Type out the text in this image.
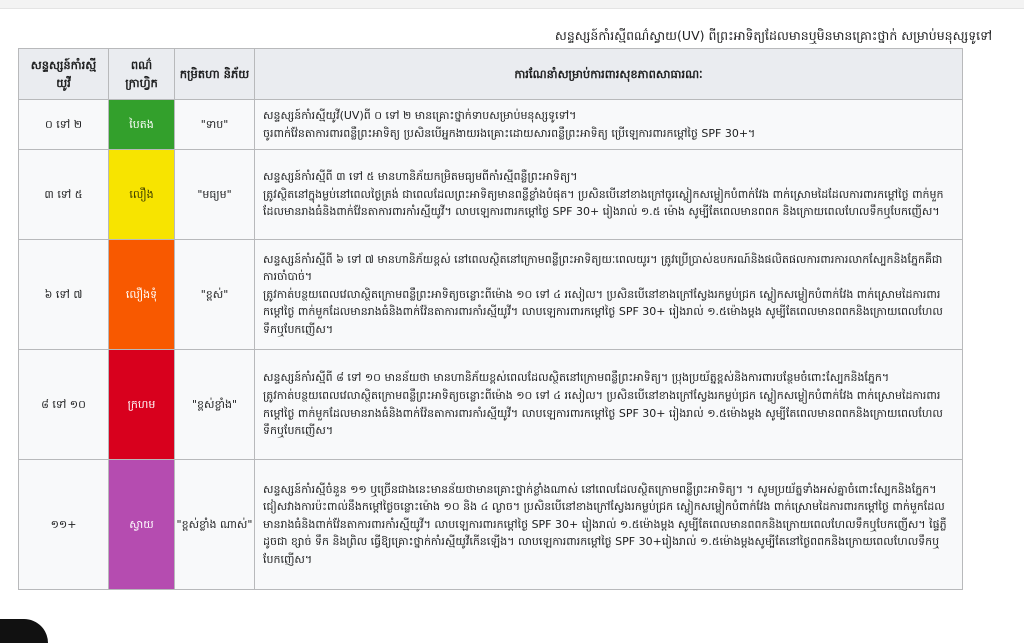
សន្ទស្សន៍កាំរស្មីពណ៌ស្វាយ(UV) ពីព្រះអាទិត្យដែលមានឬមិនមានគ្រោះថ្នាក់ សម្រាប់មនុស្សទូទៅ
សន្ទស្សន៍កាំរស្មី យូវី	ពណ៌ ក្រាហ្វិក	កម្រិតហា និភ័យ	ការណែនាំសម្រាប់ការពារសុខភាពសាធារណៈ
០ ទៅ ២	បៃតង	"ទាប"	សន្ទស្សន៍កាំរស្មីយូវី(UV)ពី ០ ទៅ ២ មានគ្រោះថ្នាក់ទាបសម្រាប់មនុស្សទូទៅ។
ចូរពាក់វ៉ែនតាការពារពន្លឺព្រះអាទិត្យ ប្រសិនបើអ្នកងាយរងគ្រោះដោយសារពន្លឺព្រះអាទិត្យ ប្រើឡេការពារកម្ដៅថ្ងៃ SPF 30+។

៣ ទៅ ៥	លឿង	"មធ្យម"	សន្ទស្សន៍កាំរស្មីពី ៣ ទៅ ៥ មានហានិភ័យកម្រិតមធ្យមពីកាំរស្មីពន្លឺព្រះអាទិត្យ។
ត្រូវស្ថិតនៅក្នុងម្លប់នៅពេលថ្ងៃត្រង់ ជាពេលដែលព្រះអាទិត្យមានពន្លឺខ្លាំងបំផុត។ ប្រសិនបើនៅខាងក្រៅចូរស្លៀកសម្លៀកបំពាក់វែង ពាក់ស្រោមដៃដែលការពារកម្ដៅថ្ងៃ ពាក់មួកដែលមានរាងធំនិងពាក់វ៉ែនតាការពារកាំរស្មីយូវី។ លាបឡេការពារកម្ដៅថ្ងៃ SPF 30+ រៀងរាល់ ១.៥ ម៉ោង សូម្បីតែពេលមានពពក និងក្រោយពេលហែលទឹកឬបែកញើស។

៦ ទៅ ៧	លឿងទុំ	"ខ្ពស់"	សន្ទស្សន៍កាំរស្មីពី ៦ ទៅ ៧ មានហានិភ័យខ្ពស់ នៅពេលស្ថិតនៅក្រោមពន្លឺព្រះអាទិត្យយៈពេលយូរ។ ត្រូវប្រើប្រាស់ឧបករណ៍និងផលិតផលការពារការលាកស្បែកនិងភ្នែកគឺជាការចាំបាច់។
ត្រូវកាត់បន្ថយពេលវេលាស្ថិតក្រោមពន្លឺព្រះអាទិត្យចន្លោះពីម៉ោង ១០ ទៅ ៤ រសៀល។ ប្រសិនបើនៅខាងក្រៅស្វែងរកម្លប់ជ្រក ស្លៀកសម្លៀកបំពាក់វែង ពាក់ស្រោមដៃការពារកម្ដៅថ្ងៃ ពាក់មួកដែលមានរាងធំនិងពាក់វ៉ែនតាការពារកាំរស្មីយូវី។ លាបឡេការពារកម្ដៅថ្ងៃ SPF 30+ រៀងរាល់ ១.៥ម៉ោងម្ដង សូម្បីតែពេលមានពពកនិងក្រោយពេលហែលទឹកឬបែកញើស។

៨ ទៅ ១០	ក្រហម	"ខ្ពស់ខ្លាំង"	សន្ទស្សន៍កាំរស្មីពី ៨ ទៅ ១០ មានន័យថា មានហានិភ័យខ្ពស់ពេលដែលស្ថិតនៅក្រោមពន្លឺព្រះអាទិត្យ។ ប្រុងប្រយ័ត្នខ្ពស់និងការពារបន្ថែមចំពោះស្បែកនិងភ្នែក។
ត្រូវកាត់បន្ថយពេលវេលាស្ថិតក្រោមពន្លឺព្រះអាទិត្យចន្លោះពីម៉ោង ១០ ទៅ ៤ រសៀល។ ប្រសិនបើនៅខាងក្រៅស្វែងរកម្លប់ជ្រក ស្លៀកសម្លៀកបំពាក់វែង ពាក់ស្រោមដៃការពារកម្ដៅថ្ងៃ ពាក់មួកដែលមានរាងធំនិងពាក់វ៉ែនតាការពារកាំរស្មីយូវី។ លាបឡេការពារកម្ដៅថ្ងៃ SPF 30+ រៀងរាល់ ១.៥ម៉ោងម្ដង សូម្បីតែពេលមានពពកនិងក្រោយពេលហែលទឹកឬបែកញើស។

១១+	ស្វាយ	"ខ្ពស់ខ្លាំង ណាស់"	សន្ទស្សន៍កាំរស្មីចំនួន ១១ ឬច្រើនជាងនេះមានន័យថាមានគ្រោះថ្នាក់ខ្លាំងណាស់ នៅពេលដែលស្ថិតក្រោមពន្លឺព្រះអាទិត្យ។ ។ សូមប្រយ័ត្នទាំងអស់គ្នាចំពោះស្បែកនិងភ្នែក។
ជៀសវាងការប៉ះពាល់នឹងកម្ដៅថ្ងៃចន្លោះម៉ោង ១០ និង ៤ ល្ងាច។ ប្រសិនបើនៅខាងក្រៅស្វែងរកម្លប់ជ្រក ស្លៀកសម្លៀកបំពាក់វែង ពាក់ស្រោមដៃការពារកម្ដៅថ្ងៃ ពាក់មួកដែលមានរាងធំនិងពាក់វ៉ែនតាការពារកាំរស្មីយូវី។ លាបឡេការពារកម្ដៅថ្ងៃ SPF 30+ រៀងរាល់ ១.៥ម៉ោងម្ដង សូម្បីតែពេលមានពពកនិងក្រោយពេលហែលទឹកឬបែកញើស។ ផ្ទៃភ្លឺដូចជា ខ្សាច់ ទឹក និងព្រិល ធ្វើឱ្យគ្រោះថ្នាក់កាំរស្មីយូវីកើនឡើង។ លាបឡេការពារកម្ដៅថ្ងៃ SPF 30+រៀងរាល់ ១.៥ម៉ោងម្ដងសូម្បីតែនៅថ្ងៃពពកនិងក្រោយពេលហែលទឹកឬបែកញើស។
